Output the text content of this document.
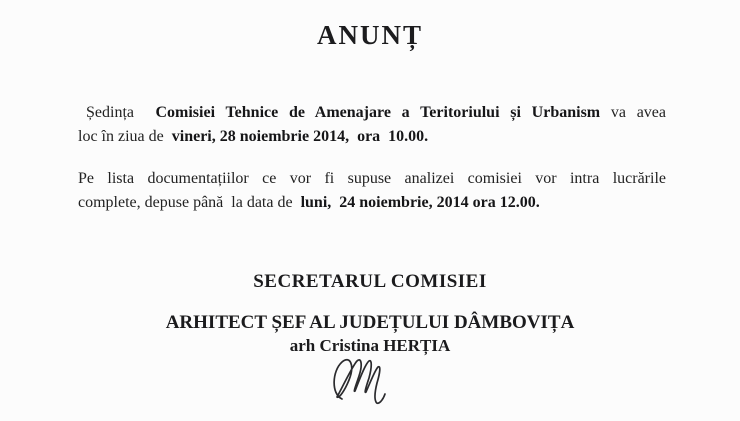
ANUNȚ
Ședința  Comisiei Tehnice de Amenajare a Teritoriului și Urbanism va avea
loc în ziua de  vineri, 28 noiembrie 2014,  ora  10.00.
Pe lista documentațiilor ce vor fi supuse analizei comisiei vor intra lucrările
complete, depuse până  la data de  luni,  24 noiembrie, 2014 ora 12.00.
SECRETARUL COMISIEI
ARHITECT ȘEF AL JUDEȚULUI DÂMBOVIȚA
arh Cristina HERȚIA
